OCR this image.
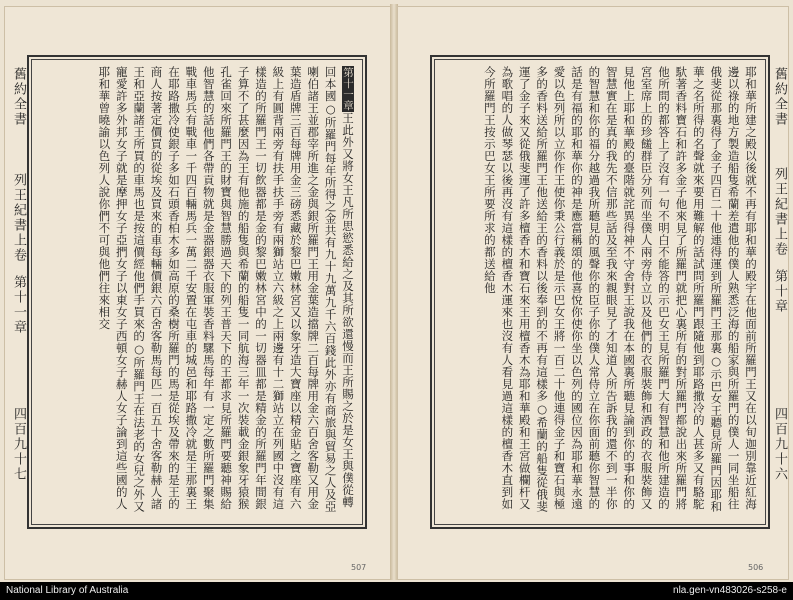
舊約全書
列王紀書上卷
第十一章
四百九十七
第十一章王此外又將女王凡所思慾悉給之及其所欲還慢而王所賜之於是女王與僕從轉回本國○所羅門每年所得之金共有九十九萬九千六百錢此外亦有商旅與貿易之人及亞喇伯諸王並郡宰所進之金與銀所羅門王用金葉造擋牌二百每牌用金六百舍客勒又用金葉造盾牌三百每牌用金三磅悉藏於黎巴嫩林宮又以象牙造大寶座以精金貼之寶座有六級上有圓背兩旁有扶手扶手旁有兩獅站立六級之上兩邊有十二獅站立在列國中沒有這樣造的所羅門王一切飲器都是金的黎巴嫩林宮中的一切器皿都是精金的所羅門年間銀子算不了甚麼因為王有他施的船隻與希蘭的船隻一同航海三年一次裝載金銀象牙猿猴孔雀回來所羅門王的財寶與智慧勝過天下的列王普天下的王都求見所羅門要聽神賜給他智慧的話他們各帶貢物就是金器銀器衣服軍裝香料騾馬每年有一定之數所羅門聚集戰車馬兵有戰車一千四百輛馬兵一萬二千安置在屯車的城邑和耶路撒冷就是王那裏王在耶路撒冷使銀子多如石頭香柏木多如高原的桑樹所羅門的馬是從埃及帶來的是王的商人按著定價買的從埃及買來的車每輛價銀六百舍客勒馬每匹一百五十舍客勒赫人諸王和亞蘭諸王所買的車馬也是按這價經他們手買來的○所羅門王在法老的女兒之外又寵愛許多外邦女子就是摩押女子亞捫女子以東女子西頓女子赫人女子論到這些國的人耶和華曾曉諭以色列人說你們不可與他們往來相交
507
耶和華所建之殿以後就不再有耶和華的殿宇在他面前所羅門王又在以旬迦別靠近紅海邊以祿的地方製造船隻希蘭差遣他的僕人熟悉泛海的船家與所羅門的僕人一同坐船往俄斐從那裏得了金子四百二十他連得運到所羅門王那裏○示巴女王聽見所羅門因耶和華之名所得的名聲就來要用難解的話試問所羅門跟隨他到耶路撒冷的人甚多又有駱駝馱著香料寶石和許多金子他來見了所羅門就把心裏所有的對所羅門都說出來所羅門將他所問的都答上了沒有一句不明白不能答的示巴女王見所羅門大有智慧和他所建造的宮室席上的珍饈群臣分列而坐僕人兩旁侍立以及他們的衣服裝飾和酒政的衣服裝飾又見他上耶和華殿的臺階就詫異得神不守舍對王說我在本國裏所聽見論到你的事和你的智慧實在是真的我先不信那些話及至我來親眼見了才知道人所告訴我的還不到一半你的智慧和你的福分越過我所聽見的風聲你的臣子你的僕人常侍立在你面前聽你智慧的話是有福的耶和華你的神是應當稱頌的他喜悅你使你坐以色列的國位因為耶和華永遠愛以色列所以立你作王使你秉公行義於是示巴女王將一百二十他連得金子和寶石與極多的香料送給所羅門王他送給王的香料以後奉到的不再有這樣多○希蘭的船隻從俄斐運了金子來又從俄斐運了許多檀香木和寶石來王用檀香木為耶和華殿和王宮做欄杆又為歌唱的人做琴瑟以後再沒有這樣的檀香木運來也沒有人看見過這樣的檀香木直到如今所羅門王按示巴女王所要所求的都送給他	舊約全書
列王紀書上卷
第十章
四百九十六
506
National Library of Australia	nla.gen-vn483026-s258-e
